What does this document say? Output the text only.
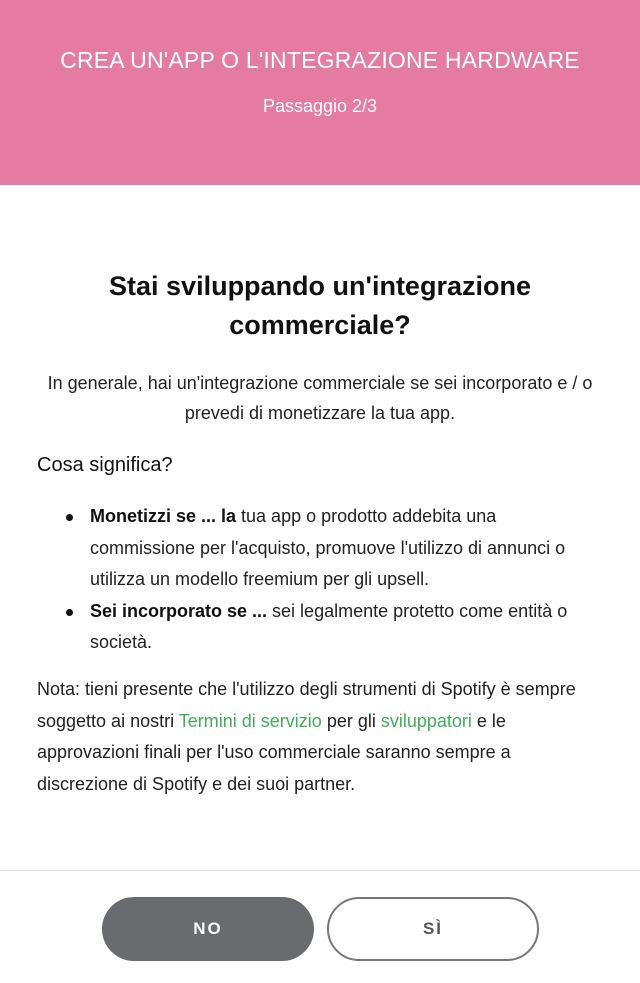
CREA UN'APP O L'INTEGRAZIONE HARDWARE
Passaggio 2/3
Stai sviluppando un'integrazione commerciale?
In generale, hai un'integrazione commerciale se sei incorporato e / o prevedi di monetizzare la tua app.
Cosa significa?
Monetizzi se ... la tua app o prodotto addebita una commissione per l'acquisto, promuove l'utilizzo di annunci o utilizza un modello freemium per gli upsell.
Sei incorporato se ... sei legalmente protetto come entità o società.
Nota: tieni presente che l'utilizzo degli strumenti di Spotify è sempre soggetto ai nostri Termini di servizio per gli sviluppatori e le approvazioni finali per l'uso commerciale saranno sempre a discrezione di Spotify e dei suoi partner.
NO	SÌ
